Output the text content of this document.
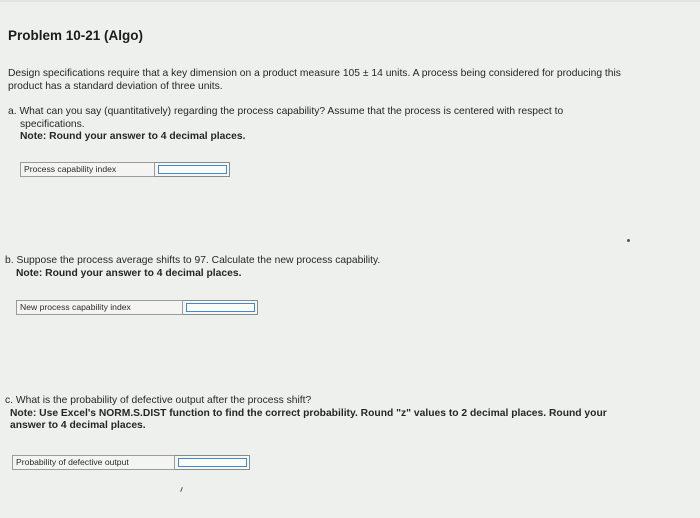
Problem 10-21 (Algo)
Design specifications require that a key dimension on a product measure 105 ± 14 units. A process being considered for producing this
product has a standard deviation of three units.
a. What can you say (quantitatively) regarding the process capability? Assume that the process is centered with respect to
specifications.
Note: Round your answer to 4 decimal places.
Process capability index
b. Suppose the process average shifts to 97. Calculate the new process capability.
Note: Round your answer to 4 decimal places.
New process capability index
c. What is the probability of defective output after the process shift?
Note: Use Excel's NORM.S.DIST function to find the correct probability. Round "z" values to 2 decimal places. Round your
answer to 4 decimal places.
Probability of defective output
